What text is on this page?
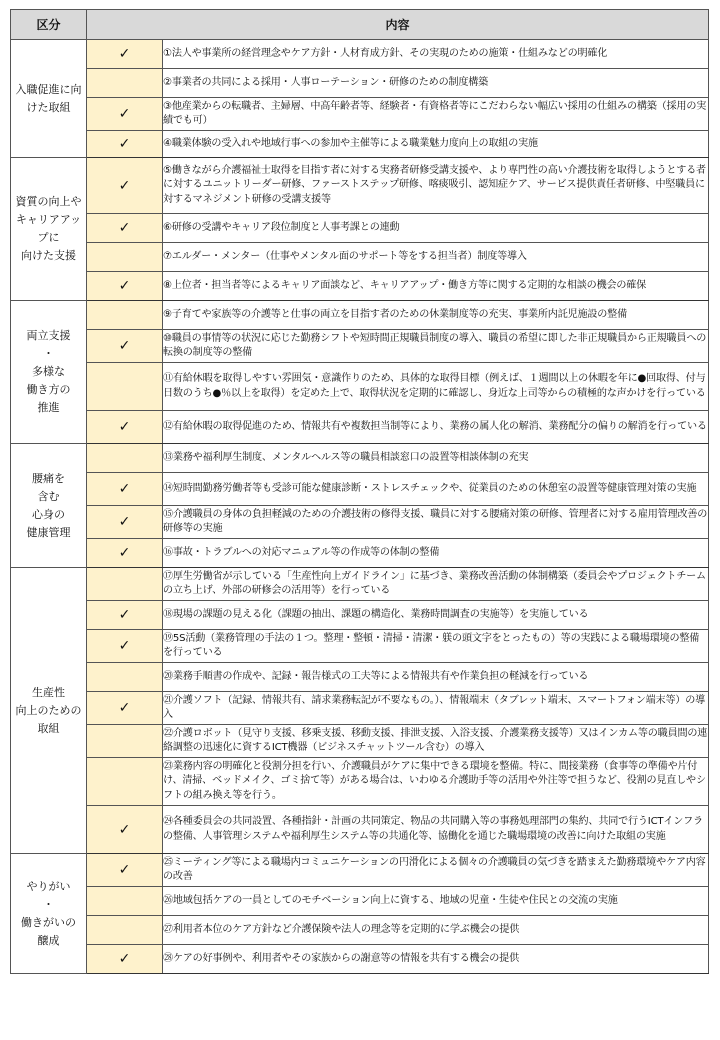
区分	内容	

入職促進に向
けた取組	✓	①法人や事業所の経営理念やケア方針・人材育成方針、その実現のための施策・仕組みなどの明確化
		②事業者の共同による採用・人事ローテーション・研修のための制度構築
	✓	③他産業からの転職者、主婦層、中高年齢者等、経験者・有資格者等にこだわらない幅広い採用の仕組みの構築（採用の実績でも可）
	✓	④職業体験の受入れや地域行事への参加や主催等による職業魅力度向上の取組の実施

資質の向上や
キャリアアップに
向けた支援	✓	⑤働きながら介護福祉士取得を目指す者に対する実務者研修受講支援や、より専門性の高い介護技術を取得しようとする者に対するユニットリーダー研修、ファーストステップ研修、喀痰吸引、認知症ケア、サービス提供責任者研修、中堅職員に対するマネジメント研修の受講支援等
	✓	⑥研修の受講やキャリア段位制度と人事考課との連動
		⑦エルダー・メンター（仕事やメンタル面のサポート等をする担当者）制度等導入
	✓	⑧上位者・担当者等によるキャリア面談など、キャリアアップ・働き方等に関する定期的な相談の機会の確保

両立支援
・
多様な
働き方の
推進		⑨子育てや家族等の介護等と仕事の両立を目指す者のための休業制度等の充実、事業所内託児施設の整備
	✓	⑩職員の事情等の状況に応じた勤務シフトや短時間正規職員制度の導入、職員の希望に即した非正規職員から正規職員への転換の制度等の整備
		⑪有給休暇を取得しやすい雰囲気・意識作りのため、具体的な取得目標（例えば、１週間以上の休暇を年に●回取得、付与日数のうち●％以上を取得）を定めた上で、取得状況を定期的に確認し、身近な上司等からの積極的な声かけを行っている
	✓	⑫有給休暇の取得促進のため、情報共有や複数担当制等により、業務の属人化の解消、業務配分の偏りの解消を行っている

腰痛を
含む
心身の
健康管理		⑬業務や福利厚生制度、メンタルヘルス等の職員相談窓口の設置等相談体制の充実
	✓	⑭短時間勤務労働者等も受診可能な健康診断・ストレスチェックや、従業員のための休憩室の設置等健康管理対策の実施
	✓	⑮介護職員の身体の負担軽減のための介護技術の修得支援、職員に対する腰痛対策の研修、管理者に対する雇用管理改善の研修等の実施
	✓	⑯事故・トラブルへの対応マニュアル等の作成等の体制の整備

生産性
向上のための
取組		⑰厚生労働省が示している「生産性向上ガイドライン」に基づき、業務改善活動の体制構築（委員会やプロジェクトチームの立ち上げ、外部の研修会の活用等）を行っている
	✓	⑱現場の課題の見える化（課題の抽出、課題の構造化、業務時間調査の実施等）を実施している
	✓	⑲5S活動（業務管理の手法の１つ。整理・整頓・清掃・清潔・躾の頭文字をとったもの）等の実践による職場環境の整備を行っている
		⑳業務手順書の作成や、記録・報告様式の工夫等による情報共有や作業負担の軽減を行っている
	✓	㉑介護ソフト（記録、情報共有、請求業務転記が不要なもの。）、情報端末（タブレット端末、スマートフォン端末等）の導入
		㉒介護ロボット（見守り支援、移乗支援、移動支援、排泄支援、入浴支援、介護業務支援等）又はインカム等の職員間の連絡調整の迅速化に資するICT機器（ビジネスチャットツール含む）の導入
		㉓業務内容の明確化と役割分担を行い、介護職員がケアに集中できる環境を整備。特に、間接業務（食事等の準備や片付け、清掃、ベッドメイク、ゴミ捨て等）がある場合は、いわゆる介護助手等の活用や外注等で担うなど、役割の見直しやシフトの組み換え等を行う。
	✓	㉔各種委員会の共同設置、各種指針・計画の共同策定、物品の共同購入等の事務処理部門の集約、共同で行うICTインフラの整備、人事管理システムや福利厚生システム等の共通化等、協働化を通じた職場環境の改善に向けた取組の実施

やりがい
・
働きがいの
醸成	✓	㉕ミーティング等による職場内コミュニケーションの円滑化による個々の介護職員の気づきを踏まえた勤務環境やケア内容の改善
		㉖地域包括ケアの一員としてのモチベーション向上に資する、地域の児童・生徒や住民との交流の実施
		㉗利用者本位のケア方針など介護保険や法人の理念等を定期的に学ぶ機会の提供
	✓	㉘ケアの好事例や、利用者やその家族からの謝意等の情報を共有する機会の提供
